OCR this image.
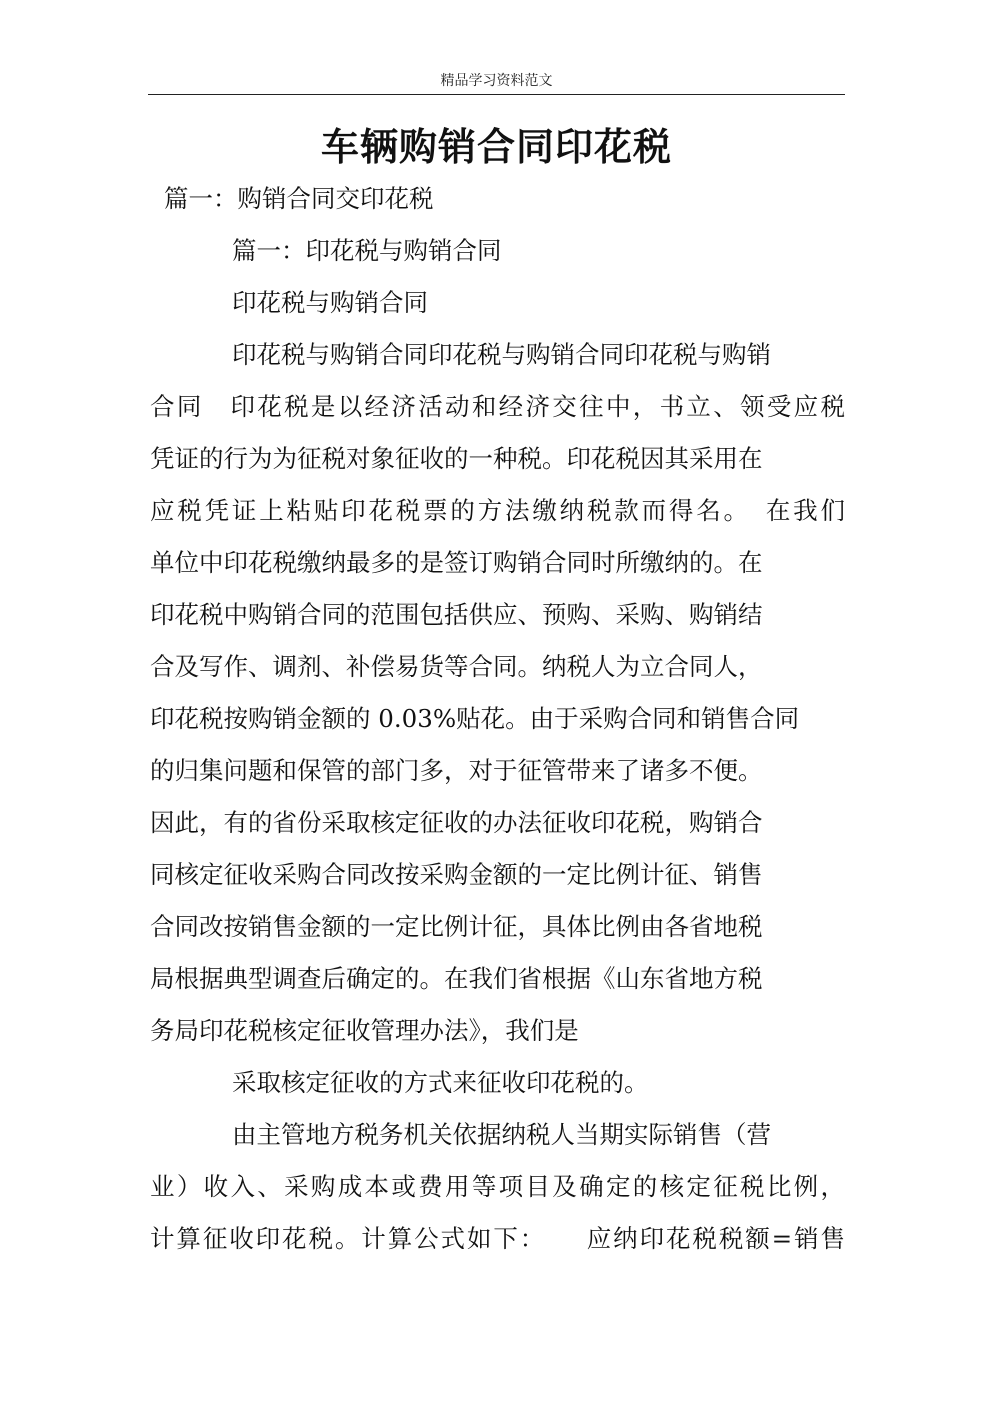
精品学习资料范文
车辆购销合同印花税
篇一：购销合同交印花税
篇一：印花税与购销合同
印花税与购销合同
印花税与购销合同印花税与购销合同印花税与购销
合同　印花税是以经济活动和经济交往中，书立、领受应税
凭证的行为为征税对象征收的一种税。印花税因其采用在
应税凭证上粘贴印花税票的方法缴纳税款而得名。　在我们
单位中印花税缴纳最多的是签订购销合同时所缴纳的。在
印花税中购销合同的范围包括供应、预购、采购、购销结
合及写作、调剂、补偿易货等合同。纳税人为立合同人，
印花税按购销金额的 0.03%贴花。由于采购合同和销售合同
的归集问题和保管的部门多，对于征管带来了诸多不便。
因此，有的省份采取核定征收的办法征收印花税，购销合
同核定征收采购合同改按采购金额的一定比例计征、销售
合同改按销售金额的一定比例计征，具体比例由各省地税
局根据典型调查后确定的。在我们省根据《山东省地方税
务局印花税核定征收管理办法》，我们是
采取核定征收的方式来征收印花税的。
由主管地方税务机关依据纳税人当期实际销售（营
业）收入、采购成本或费用等项目及确定的核定征税比例，
计算征收印花税。计算公式如下：　　应纳印花税税额=销售
